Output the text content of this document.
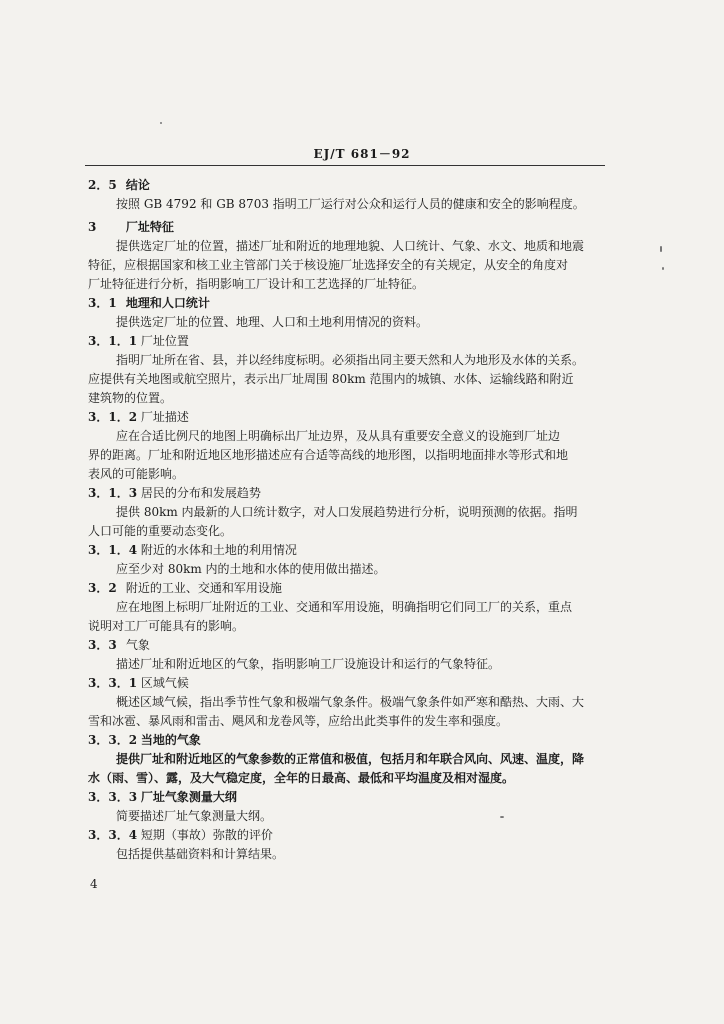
EJ/T 681－92
2．5 结论
按照 GB 4792 和 GB 8703 指明工厂运行对公众和运行人员的健康和安全的影响程度。
3 厂址特征
提供选定厂址的位置，描述厂址和附近的地理地貌、人口统计、气象、水文、地质和地震
特征，应根据国家和核工业主管部门关于核设施厂址选择安全的有关规定，从安全的角度对
厂址特征进行分析，指明影响工厂设计和工艺选择的厂址特征。
3．1 地理和人口统计
提供选定厂址的位置、地理、人口和土地利用情况的资料。
3．1．1 厂址位置
指明厂址所在省、县，并以经纬度标明。必须指出同主要天然和人为地形及水体的关系。
应提供有关地图或航空照片，表示出厂址周围 80km 范围内的城镇、水体、运输线路和附近
建筑物的位置。
3．1．2 厂址描述
应在合适比例尺的地图上明确标出厂址边界，及从具有重要安全意义的设施到厂址边
界的距离。厂址和附近地区地形描述应有合适等高线的地形图，以指明地面排水等形式和地
表风的可能影响。
3．1．3 居民的分布和发展趋势
提供 80km 内最新的人口统计数字，对人口发展趋势进行分析，说明预测的依据。指明
人口可能的重要动态变化。
3．1．4 附近的水体和土地的利用情况
应至少对 80km 内的土地和水体的使用做出描述。
3．2 附近的工业、交通和军用设施
应在地图上标明厂址附近的工业、交通和军用设施，明确指明它们同工厂的关系，重点
说明对工厂可能具有的影响。
3．3 气象
描述厂址和附近地区的气象，指明影响工厂设施设计和运行的气象特征。
3．3．1 区域气候
概述区域气候，指出季节性气象和极端气象条件。极端气象条件如严寒和酷热、大雨、大
雪和冰雹、暴风雨和雷击、飓风和龙卷风等，应给出此类事件的发生率和强度。
3．3．2 当地的气象
提供厂址和附近地区的气象参数的正常值和极值，包括月和年联合风向、风速、温度，降
水（雨、雪）、露，及大气稳定度，全年的日最高、最低和平均温度及相对湿度。
3．3．3 厂址气象测量大纲
简要描述厂址气象测量大纲。
3．3．4 短期（事故）弥散的评价
包括提供基础资料和计算结果。
4
